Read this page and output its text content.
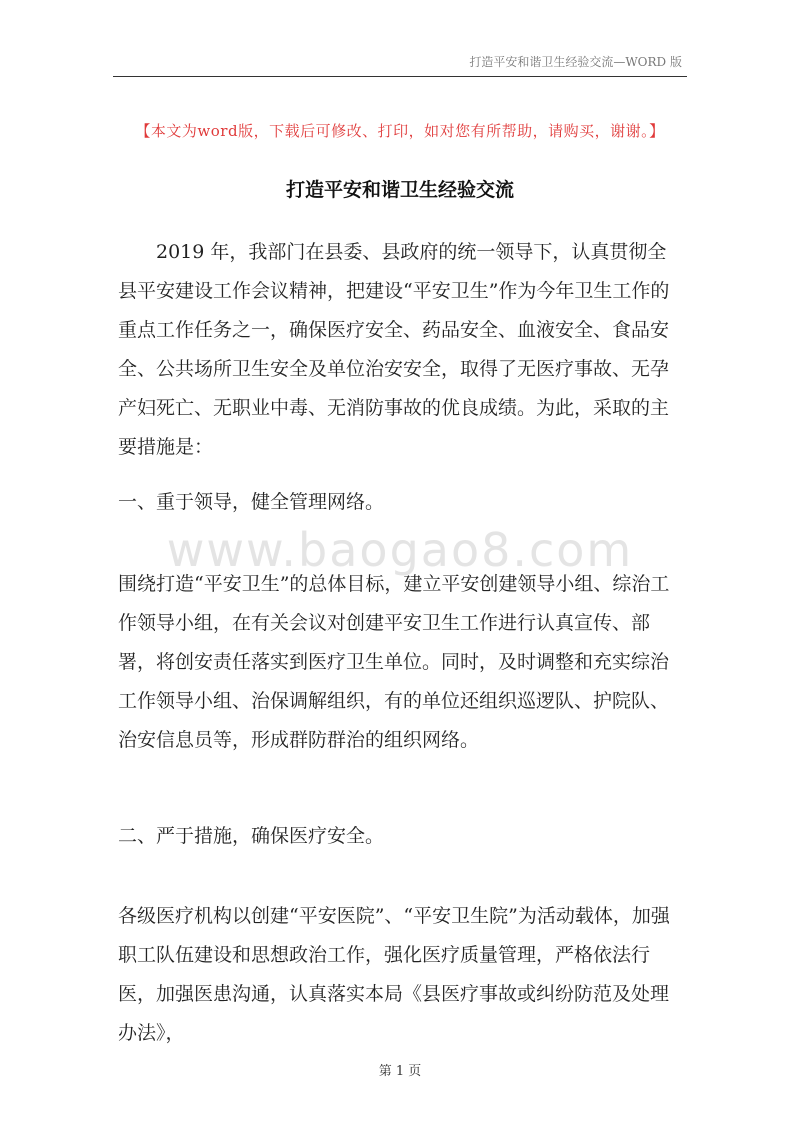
打造平安和谐卫生经验交流—WORD 版
【本文为word版，下载后可修改、打印，如对您有所帮助，请购买，谢谢。】
打造平安和谐卫生经验交流
2019 年，我部门在县委、县政府的统一领导下，认真贯彻全县平安建设工作会议精神，把建设“平安卫生”作为今年卫生工作的重点工作任务之一，确保医疗安全、药品安全、血液安全、食品安全、公共场所卫生安全及单位治安安全，取得了无医疗事故、无孕产妇死亡、无职业中毒、无消防事故的优良成绩。为此，采取的主要措施是：
一、重于领导，健全管理网络。
www.baogao8.com
围绕打造“平安卫生”的总体目标，建立平安创建领导小组、综治工作领导小组，在有关会议对创建平安卫生工作进行认真宣传、部署，将创安责任落实到医疗卫生单位。同时，及时调整和充实综治工作领导小组、治保调解组织，有的单位还组织巡逻队、护院队、治安信息员等，形成群防群治的组织网络。
二、严于措施，确保医疗安全。
各级医疗机构以创建“平安医院”、“平安卫生院”为活动载体，加强职工队伍建设和思想政治工作，强化医疗质量管理，严格依法行医，加强医患沟通，认真落实本局《县医疗事故或纠纷防范及处理办法》，
第 1 页
